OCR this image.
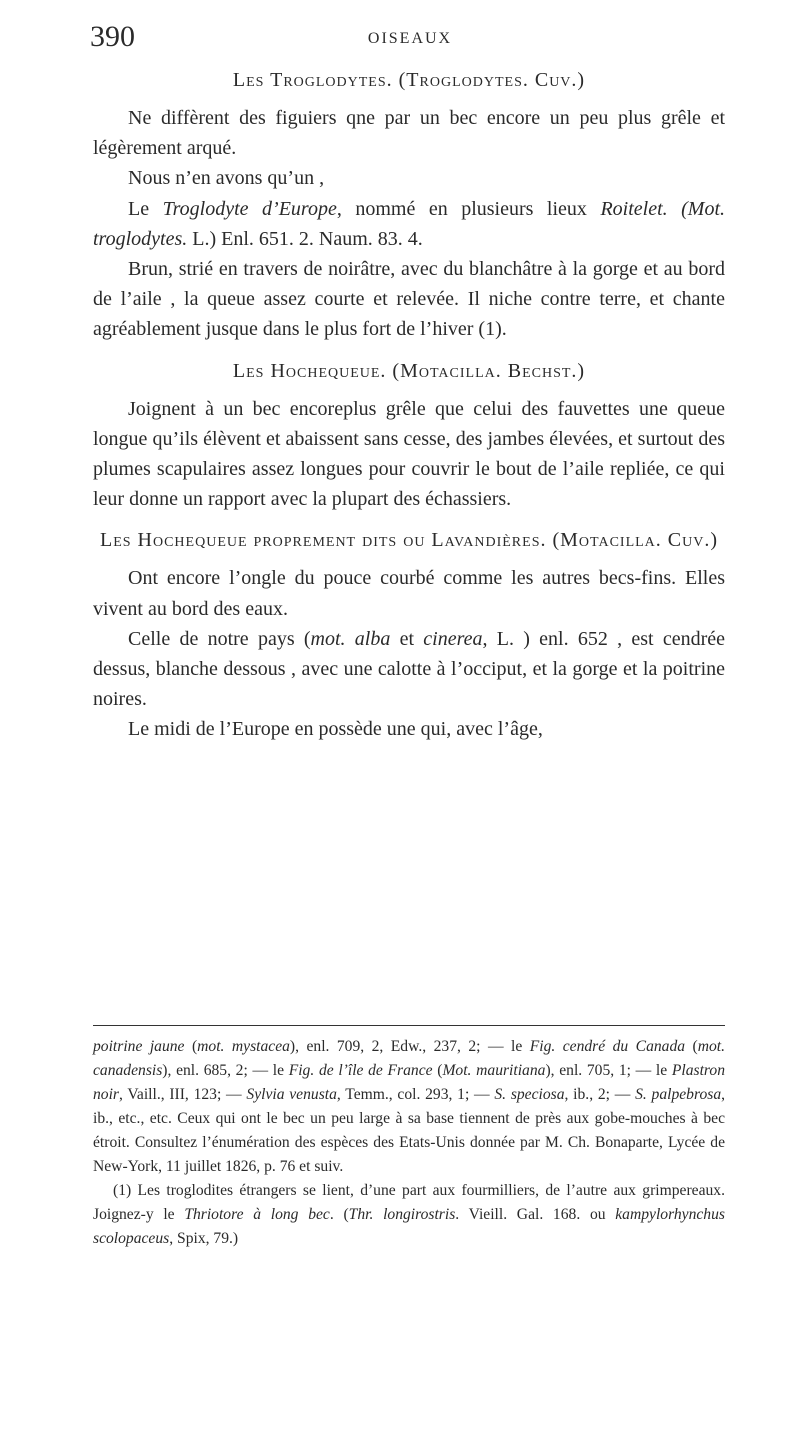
390	OISEAUX
Les Troglodytes. (Troglodytes. Cuv.)

Ne diffèrent des figuiers qne par un bec encore un peu plus grêle et légèrement arqué.

Nous n’en avons qu’un ,

Le Troglodyte d’Europe, nommé en plusieurs lieux Roitelet. (Mot. troglodytes. L.) Enl. 651. 2. Naum. 83. 4.

Brun, strié en travers de noirâtre, avec du blanchâtre à la gorge et au bord de l’aile , la queue assez courte et relevée. Il niche contre terre, et chante agréablement jusque dans le plus fort de l’hiver (1).

Les Hochequeue. (Motacilla. Bechst.)

Joignent à un bec encoreplus grêle que celui des fauvettes une queue longue qu’ils élèvent et abaissent sans cesse, des jambes élevées, et surtout des plumes scapulaires assez longues pour couvrir le bout de l’aile repliée, ce qui leur donne un rapport avec la plupart des échassiers.

Les Hochequeue proprement dits ou Lavandières. (Motacilla. Cuv.)

Ont encore l’ongle du pouce courbé comme les autres becs-fins. Elles vivent au bord des eaux.

Celle de notre pays (mot. alba et cinerea, L. ) enl. 652 , est cendrée dessus, blanche dessous , avec une calotte à l’occiput, et la gorge et la poitrine noires.

Le midi de l’Europe en possède une qui, avec l’âge,

poitrine jaune (mot. mystacea), enl. 709, 2, Edw., 237, 2; — le Fig. cendré du Canada (mot. canadensis), enl. 685, 2; — le Fig. de l’île de France (Mot. mauritiana), enl. 705, 1; — le Plastron noir, Vaill., III, 123; — Sylvia venusta, Temm., col. 293, 1; — S. speciosa, ib., 2; — S. palpebrosa, ib., etc., etc. Ceux qui ont le bec un peu large à sa base tiennent de près aux gobe-mouches à bec étroit. Consultez l’énumération des espèces des Etats-Unis donnée par M. Ch. Bonaparte, Lycée de New-York, 11 juillet 1826, p. 76 et suiv.

(1) Les troglodites étrangers se lient, d’une part aux fourmilliers, de l’autre aux grimpereaux. Joignez-y le Thriotore à long bec. (Thr. longirostris. Vieill. Gal. 168. ou kampylorhynchus scolopaceus, Spix, 79.)
